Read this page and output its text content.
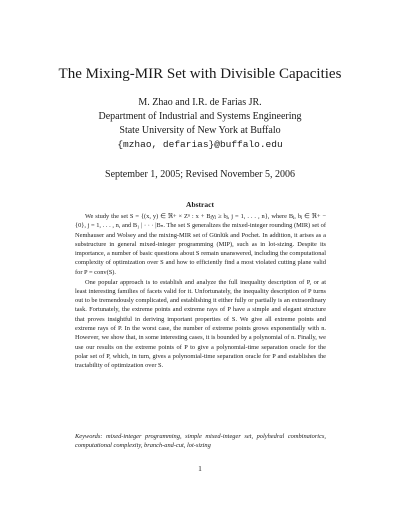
The Mixing-MIR Set with Divisible Capacities
M. Zhao and I.R. de Farias JR.
Department of Industrial and Systems Engineering
State University of New York at Buffalo
{mzhao, defarias}@buffalo.edu
September 1, 2005; Revised November 5, 2006
Abstract

We study the set S = {(x, y) ∈ ℜ+ × Zⁿ : x + Bⱼyⱼ ≥ bⱼ, j = 1, . . . , n}, where Bⱼ, bⱼ ∈ ℜ+ − {0}, j = 1, . . . , n, and B₁ | · · · |Bₙ. The set S generalizes the mixed-integer rounding (MIR) set of Nemhauser and Wolsey and the mixing-MIR set of Günlük and Pochet. In addition, it arises as a substructure in general mixed-integer programming (MIP), such as in lot-sizing. Despite its importance, a number of basic questions about S remain unanswered, including the computational complexity of optimization over S and how to efficiently find a most violated cutting plane valid for P = conv(S).

One popular approach is to establish and analyze the full inequality description of P, or at least interesting families of facets valid for it. Unfortunately, the inequality description of P turns out to be tremendously complicated, and establishing it either fully or partially is an extraordinary task. Fortunately, the extreme points and extreme rays of P have a simple and elegant structure that proves insightful in deriving important properties of S. We give all extreme points and extreme rays of P. In the worst case, the number of extreme points grows exponentially with n. However, we show that, in some interesting cases, it is bounded by a polynomial of n. Finally, we use our results on the extreme points of P to give a polynomial-time separation oracle for the polar set of P, which, in turn, gives a polynomial-time separation oracle for P and establishes the tractability of optimization over S.

Keywords: mixed-integer programming, simple mixed-integer set, polyhedral combinatorics, computational complexity, branch-and-cut, lot-sizing
1
